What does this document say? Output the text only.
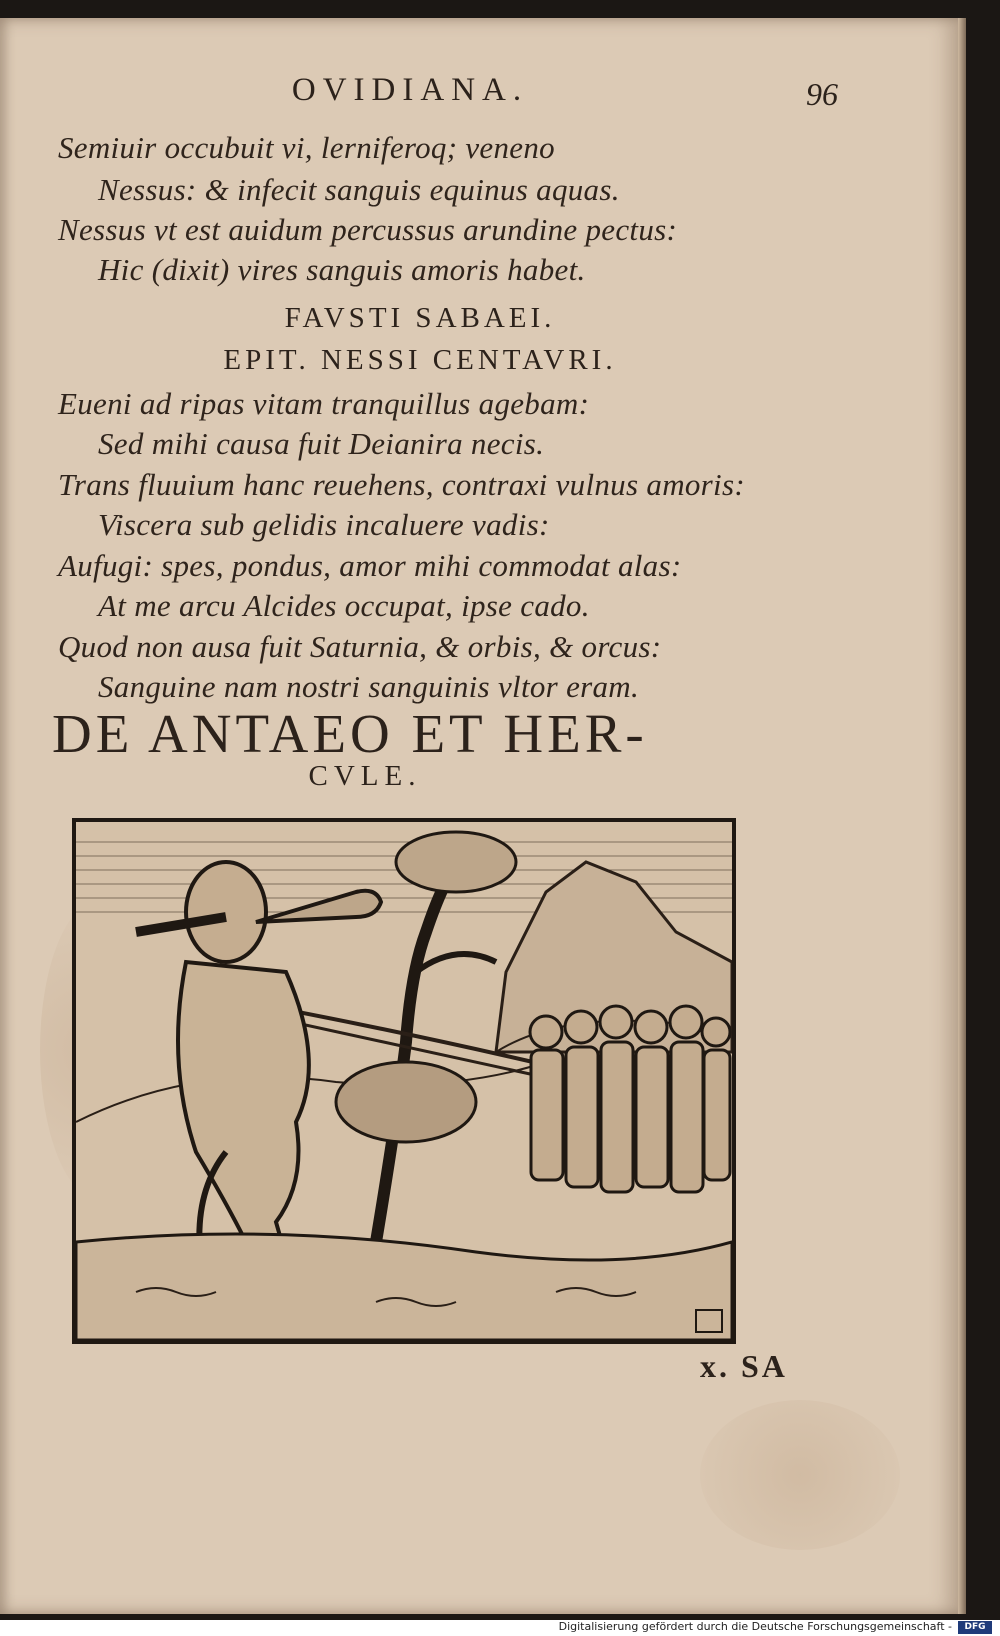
OVIDIANA.	96
Semiuir occubuit vi, lerniferoq; veneno
Nessus: & infecit sanguis equinus aquas.
Nessus vt est auidum percussus arundine pectus:
Hic (dixit) vires sanguis amoris habet.
FAVSTI SABAEI.
EPIT. NESSI CENTAVRI.
Eueni ad ripas vitam tranquillus agebam:
Sed mihi causa fuit Deianira necis.
Trans fluuium hanc reuehens, contraxi vulnus amoris:
Viscera sub gelidis incaluere vadis:
Aufugi: spes, pondus, amor mihi commodat alas:
At me arcu Alcides occupat, ipse cado.
Quod non ausa fuit Saturnia, & orbis, & orcus:
Sanguine nam nostri sanguinis vltor eram.
DE ANTAEO ET HER-
CVLE.
x. SA
Digitalisierung gefördert durch die Deutsche Forschungsgemeinschaft -	DFG
